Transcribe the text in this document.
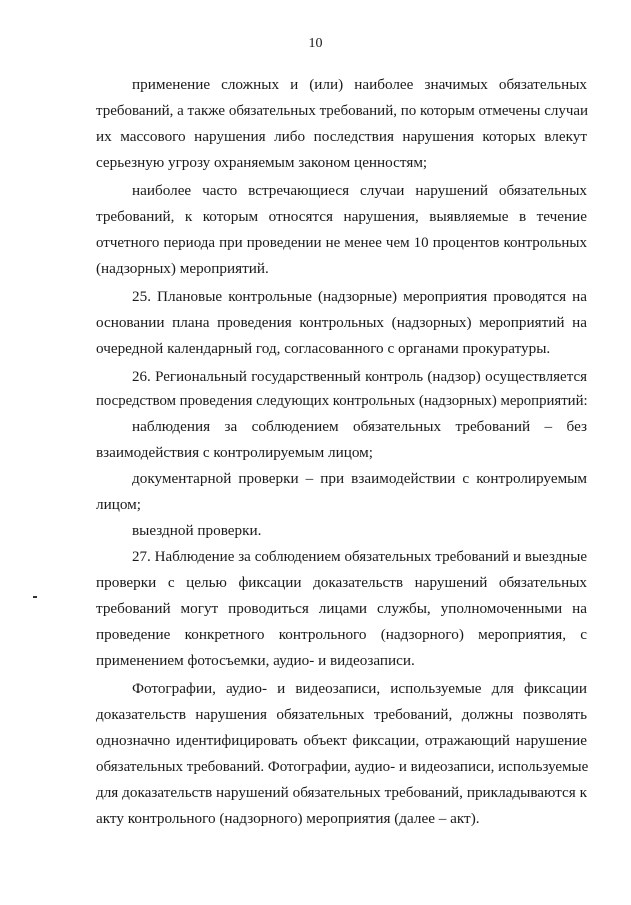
10
применение сложных и (или) наиболее значимых обязательных
требований, а также обязательных требований, по которым отмечены случаи
их массового нарушения либо последствия нарушения которых влекут
серьезную угрозу охраняемым законом ценностям;
наиболее часто встречающиеся случаи нарушений обязательных
требований, к которым относятся нарушения, выявляемые в течение
отчетного периода при проведении не менее чем 10 процентов контрольных
(надзорных) мероприятий.
25. Плановые контрольные (надзорные) мероприятия проводятся на
основании плана проведения контрольных (надзорных) мероприятий на
очередной календарный год, согласованного с органами прокуратуры.
26. Региональный государственный контроль (надзор) осуществляется
посредством проведения следующих контрольных (надзорных) мероприятий:
наблюдения за соблюдением обязательных требований – без
взаимодействия с контролируемым лицом;
документарной проверки – при взаимодействии с контролируемым
лицом;
выездной проверки.
27. Наблюдение за соблюдением обязательных требований и выездные
проверки с целью фиксации доказательств нарушений обязательных
требований могут проводиться лицами службы, уполномоченными на
проведение конкретного контрольного (надзорного) мероприятия, с
применением фотосъемки, аудио- и видеозаписи.
Фотографии, аудио- и видеозаписи, используемые для фиксации
доказательств нарушения обязательных требований, должны позволять
однозначно идентифицировать объект фиксации, отражающий нарушение
обязательных требований. Фотографии, аудио- и видеозаписи, используемые
для доказательств нарушений обязательных требований, прикладываются к
акту контрольного (надзорного) мероприятия (далее – акт).
